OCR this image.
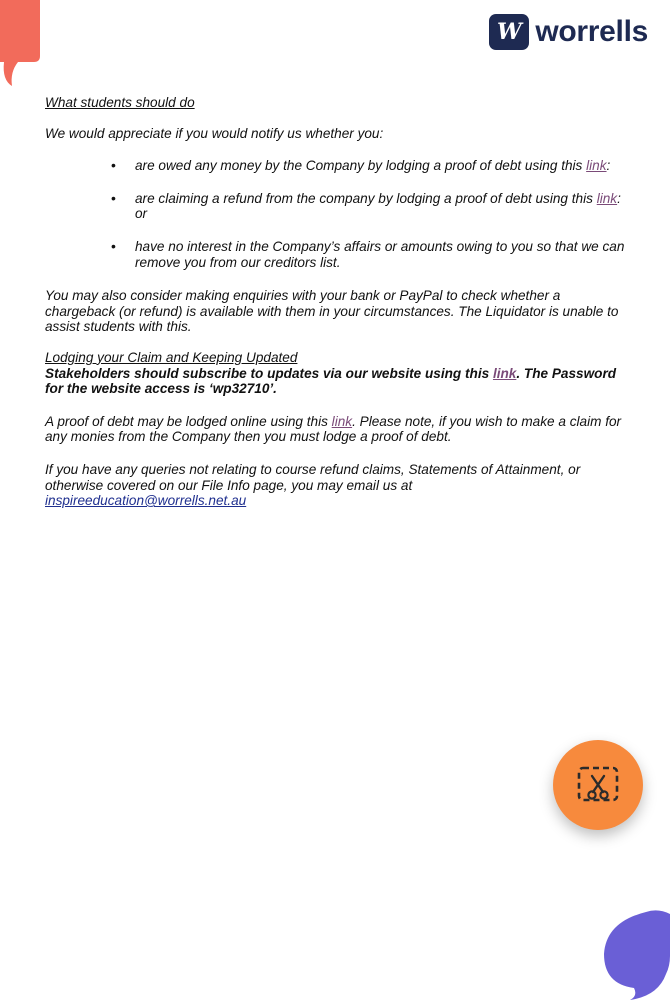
W worrells

What students should do

We would appreciate if you would notify us whether you:

• are owed any money by the Company by lodging a proof of debt using this link:
• are claiming a refund from the company by lodging a proof of debt using this link: or
• have no interest in the Company’s affairs or amounts owing to you so that we can remove you from our creditors list.

You may also consider making enquiries with your bank or PayPal to check whether a chargeback (or refund) is available with them in your circumstances. The Liquidator is unable to assist students with this.

Lodging your Claim and Keeping Updated

Stakeholders should subscribe to updates via our website using this link. The Password for the website access is ‘wp32710’.

A proof of debt may be lodged online using this link. Please note, if you wish to make a claim for any monies from the Company then you must lodge a proof of debt.

If you have any queries not relating to course refund claims, Statements of Attainment, or otherwise covered on our File Info page, you may email us at
inspireeducation@worrells.net.au
